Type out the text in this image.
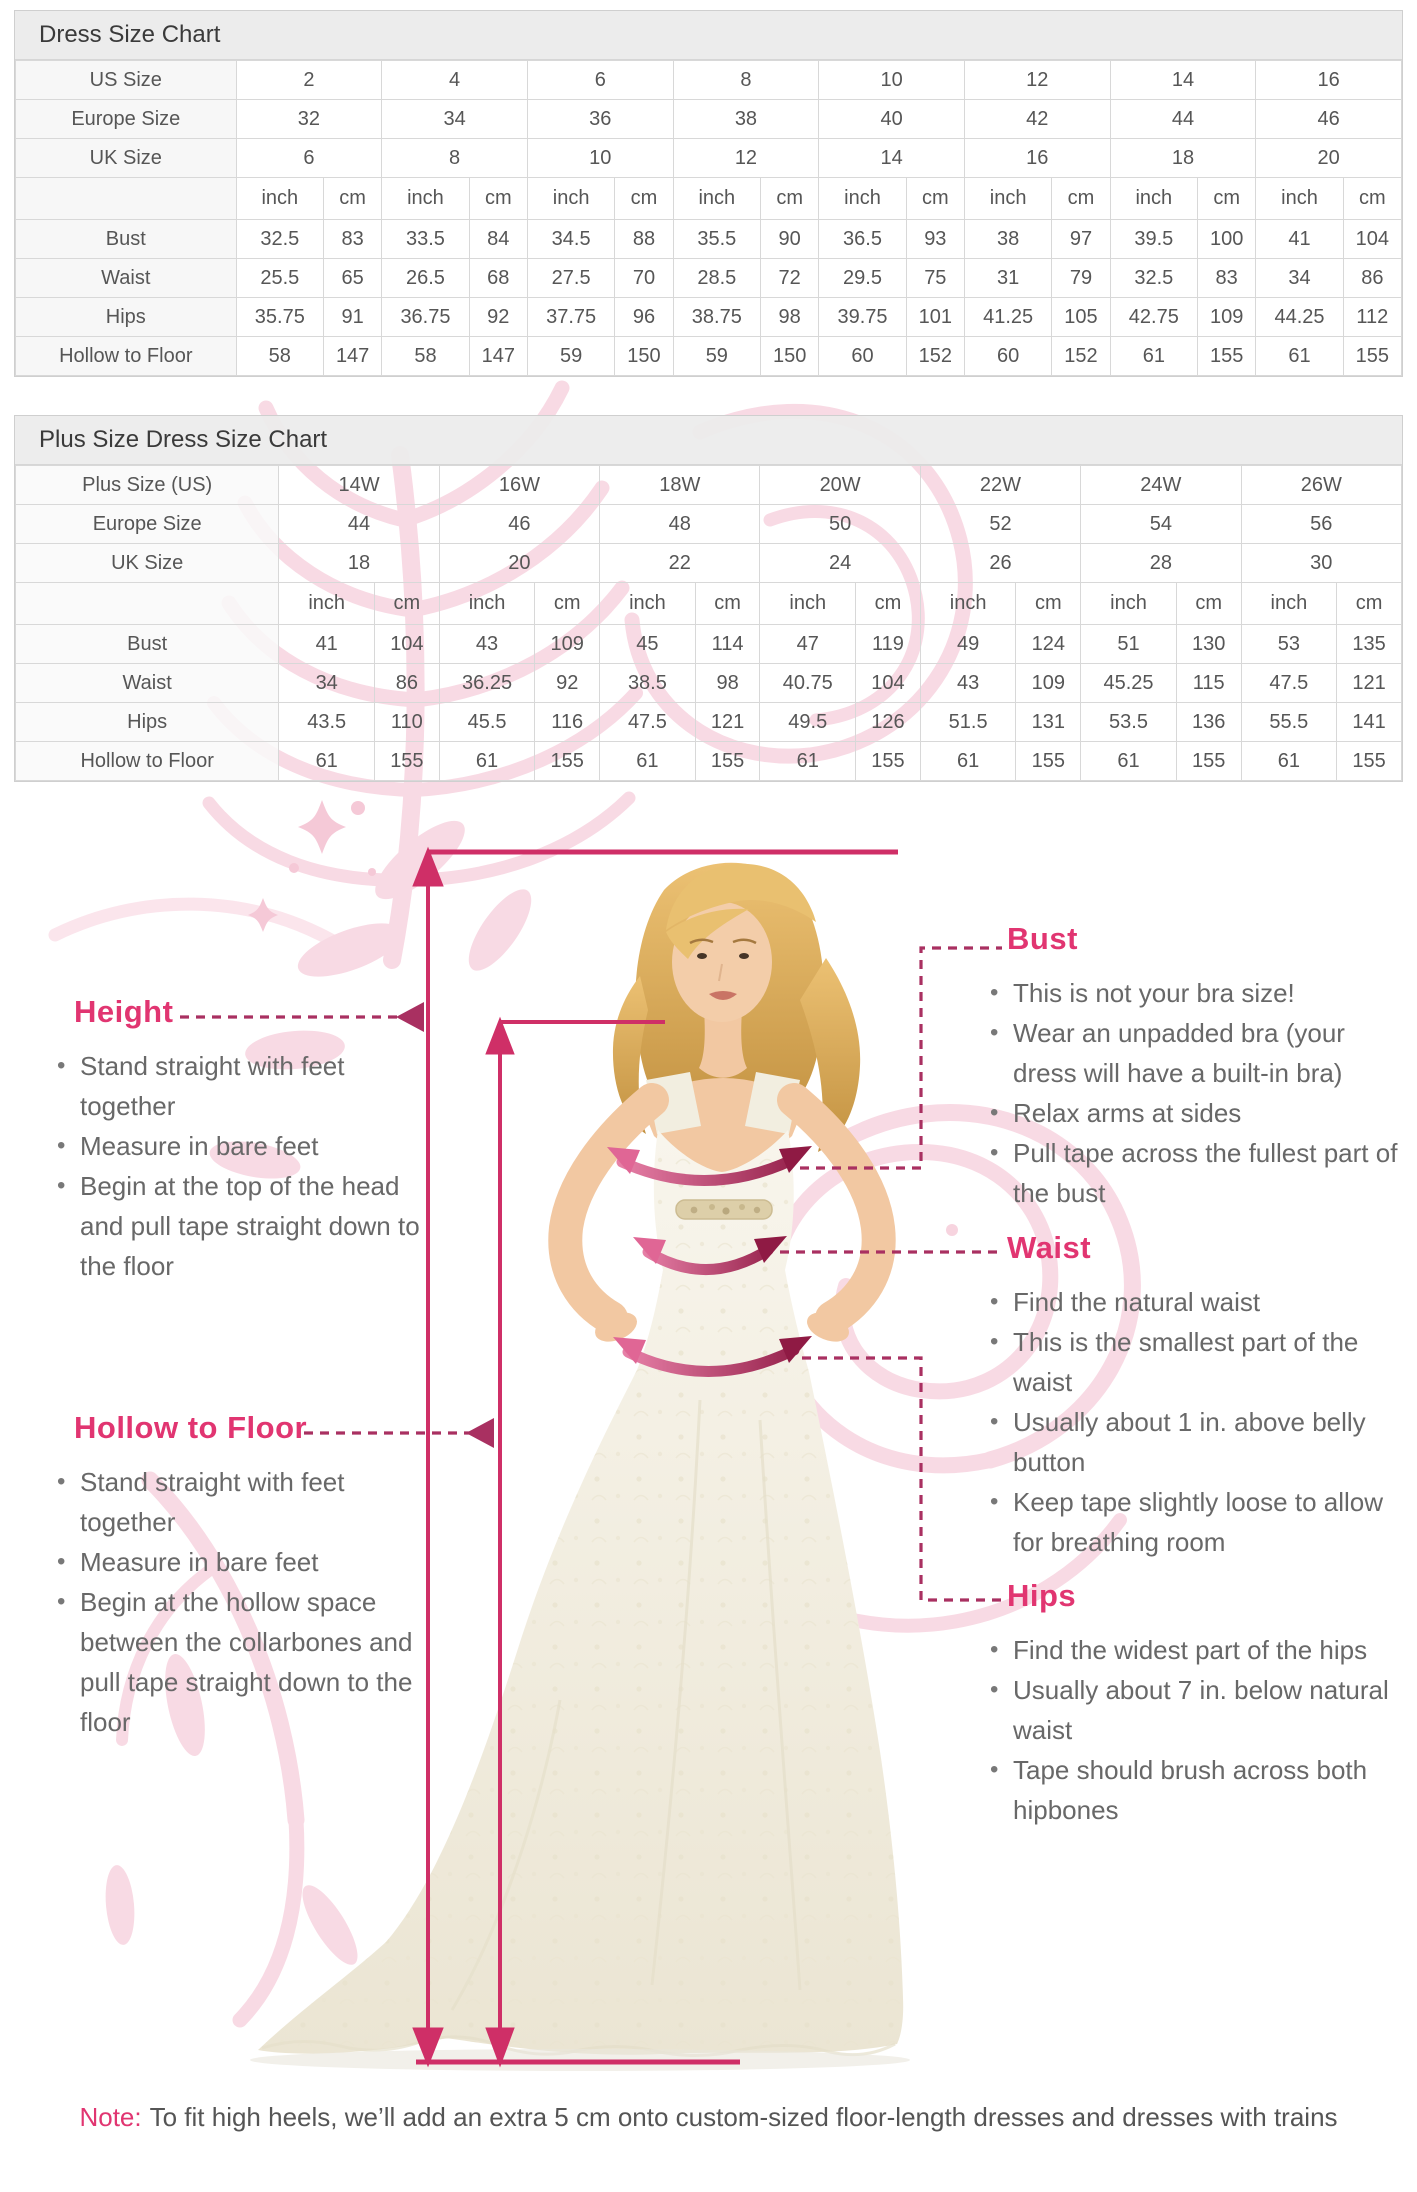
Dress Size Chart
US Size	2		4		6		8		10		12		14		16	
Europe Size	32		34		36		38		40		42		44		46	
UK Size	6		8		10		12		14		16		18		20	
	inch	cm	inch	cm	inch	cm	inch	cm	inch	cm	inch	cm	inch	cm	inch	cm
Bust	32.5	83	33.5	84	34.5	88	35.5	90	36.5	93	38	97	39.5	100	41	104
Waist	25.5	65	26.5	68	27.5	70	28.5	72	29.5	75	31	79	32.5	83	34	86
Hips	35.75	91	36.75	92	37.75	96	38.75	98	39.75	101	41.25	105	42.75	109	44.25	112
Hollow to Floor	58	147	58	147	59	150	59	150	60	152	60	152	61	155	61	155
Plus Size Dress Size Chart
Plus Size (US)	14W		16W		18W		20W		22W		24W		26W	
Europe Size	44		46		48		50		52		54		56	
UK Size	18		20		22		24		26		28		30	
	inch	cm	inch	cm	inch	cm	inch	cm	inch	cm	inch	cm	inch	cm
Bust	41	104	43	109	45	114	47	119	49	124	51	130	53	135
Waist	34	86	36.25	92	38.5	98	40.75	104	43	109	45.25	115	47.5	121
Hips	43.5	110	45.5	116	47.5	121	49.5	126	51.5	131	53.5	136	55.5	141
Hollow to Floor	61	155	61	155	61	155	61	155	61	155	61	155	61	155
Height
• Stand straight with feet together
• Measure in bare feet
• Begin at the top of the head and pull tape straight down to the floor
Hollow to Floor
• Stand straight with feet together
• Measure in bare feet
• Begin at the hollow space between the collarbones and pull tape straight down to the floor
Bust
• This is not your bra size!
• Wear an unpadded bra (your dress will have a built-in bra)
• Relax arms at sides
• Pull tape across the fullest part of the bust
Waist
• Find the natural waist
• This is the smallest part of the waist
• Usually about 1 in. above belly button
• Keep tape slightly loose to allow for breathing room
Hips
• Find the widest part of the hips
• Usually about 7 in. below natural waist
• Tape should brush across both hipbones
Note: To fit high heels, we’ll add an extra 5 cm onto custom-sized floor-length dresses and dresses with trains
